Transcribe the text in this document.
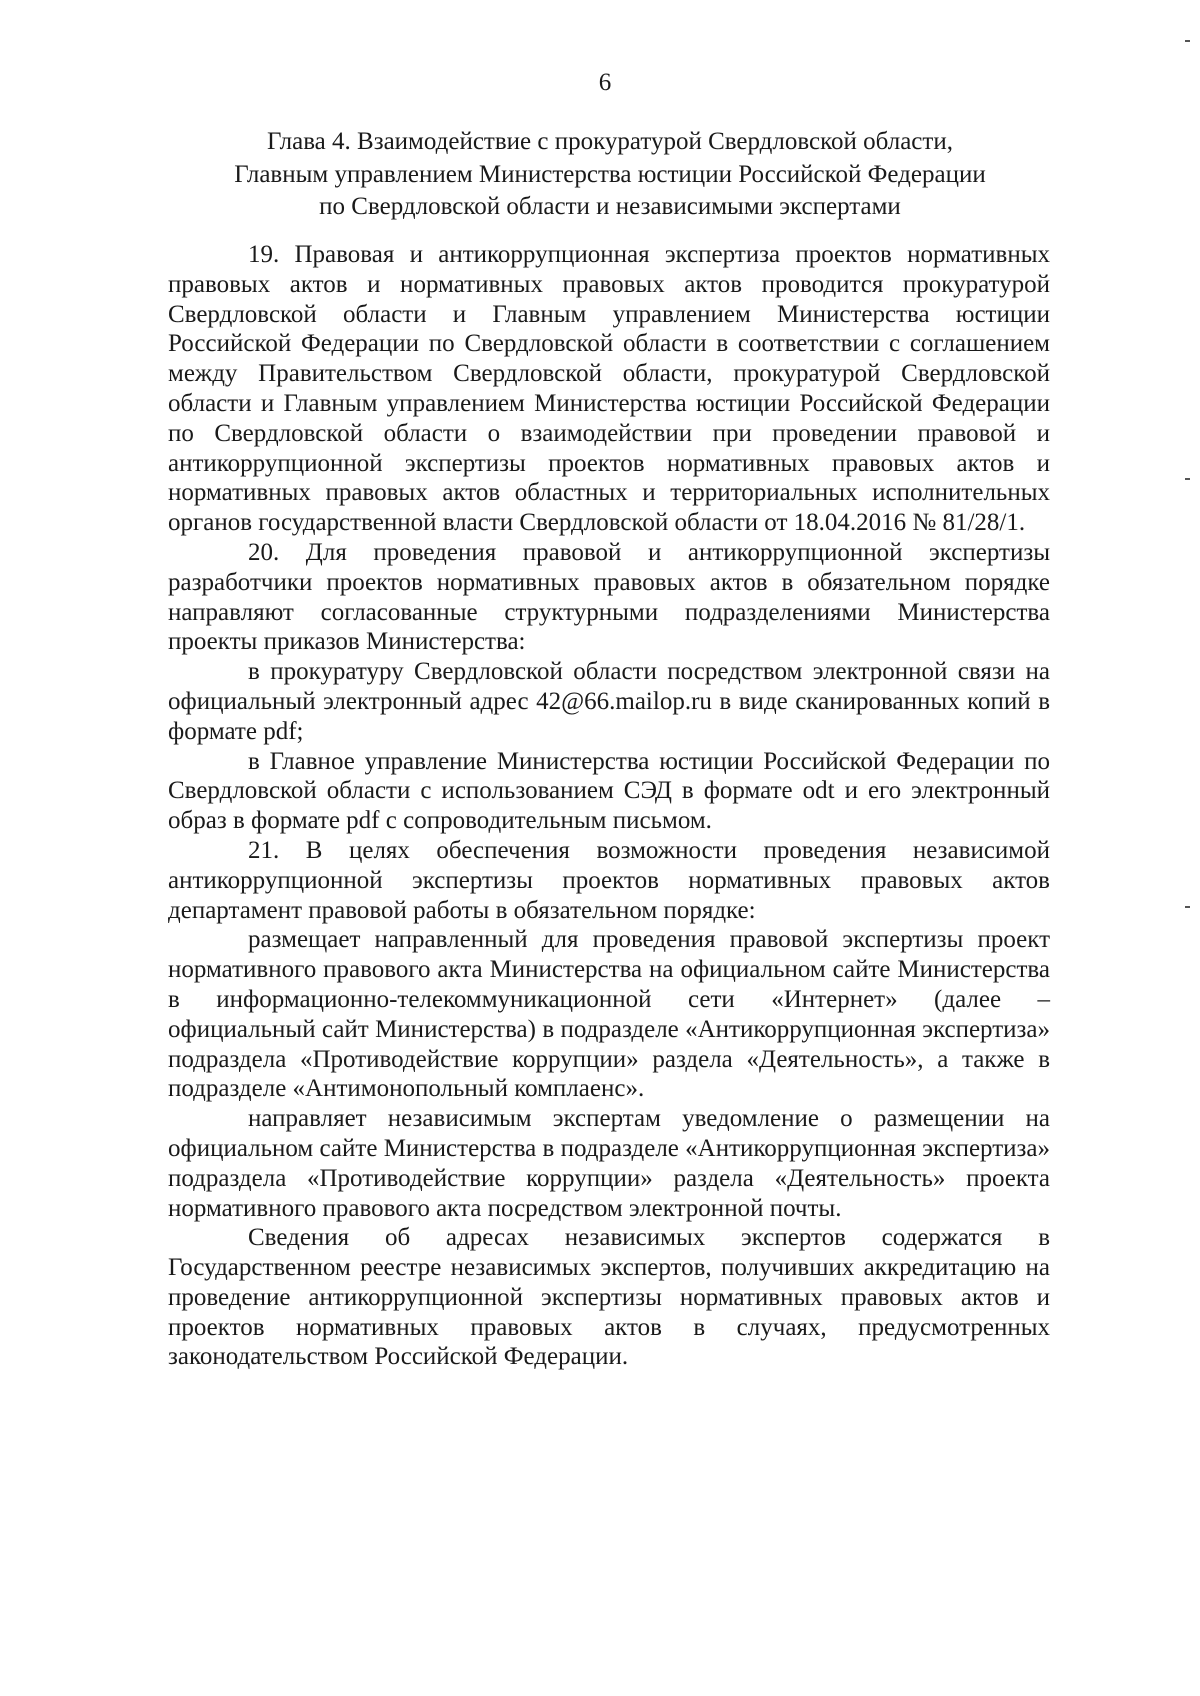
6
Глава 4. Взаимодействие с прокуратурой Свердловской области,
Главным управлением Министерства юстиции Российской Федерации
по Свердловской области и независимыми экспертами

19. Правовая и антикоррупционная экспертиза проектов нормативных правовых актов и нормативных правовых актов проводится прокуратурой Свердловской области и Главным управлением Министерства юстиции Российской Федерации по Свердловской области в соответствии с соглашением между Правительством Свердловской области, прокуратурой Свердловской области и Главным управлением Министерства юстиции Российской Федерации по Свердловской области о взаимодействии при проведении правовой и антикоррупционной экспертизы проектов нормативных правовых актов и нормативных правовых актов областных и территориальных исполнительных органов государственной власти Свердловской области от 18.04.2016 № 81/28/1.

20. Для проведения правовой и антикоррупционной экспертизы разработчики проектов нормативных правовых актов в обязательном порядке направляют согласованные структурными подразделениями Министерства проекты приказов Министерства:

в прокуратуру Свердловской области посредством электронной связи на официальный электронный адрес 42@66.mailop.ru в виде сканированных копий в формате pdf;

в Главное управление Министерства юстиции Российской Федерации по Свердловской области с использованием СЭД в формате odt и его электронный образ в формате pdf с сопроводительным письмом.

21. В целях обеспечения возможности проведения независимой антикоррупционной экспертизы проектов нормативных правовых актов департамент правовой работы в обязательном порядке:

размещает направленный для проведения правовой экспертизы проект нормативного правового акта Министерства на официальном сайте Министерства в информационно-телекоммуникационной сети «Интернет» (далее – официальный сайт Министерства) в подразделе «Антикоррупционная экспертиза» подраздела «Противодействие коррупции» раздела «Деятельность», а также в подразделе «Антимонопольный комплаенс».

направляет независимым экспертам уведомление о размещении на официальном сайте Министерства в подразделе «Антикоррупционная экспертиза» подраздела «Противодействие коррупции» раздела «Деятельность» проекта нормативного правового акта посредством электронной почты.

Сведения об адресах независимых экспертов содержатся в Государственном реестре независимых экспертов, получивших аккредитацию на проведение антикоррупционной экспертизы нормативных правовых актов и проектов нормативных правовых актов в случаях, предусмотренных законодательством Российской Федерации.
